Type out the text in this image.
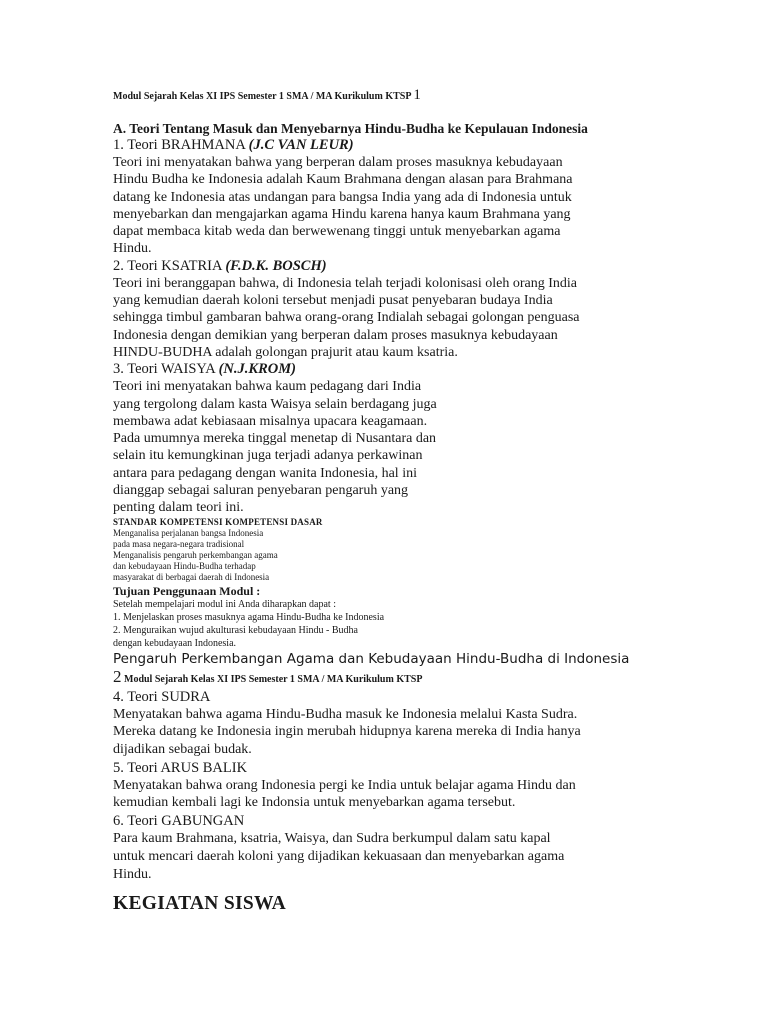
Modul Sejarah Kelas XI IPS Semester 1 SMA / MA Kurikulum KTSP 1

A. Teori Tentang Masuk dan Menyebarnya Hindu-Budha ke Kepulauan Indonesia

1. Teori BRAHMANA (J.C VAN LEUR)

Teori ini menyatakan bahwa yang berperan dalam proses masuknya kebudayaan
Hindu Budha ke Indonesia adalah Kaum Brahmana dengan alasan para Brahmana
datang ke Indonesia atas undangan para bangsa India yang ada di Indonesia untuk
menyebarkan dan mengajarkan agama Hindu karena hanya kaum Brahmana yang
dapat membaca kitab weda dan berwewenang tinggi untuk menyebarkan agama
Hindu.

2. Teori KSATRIA (F.D.K. BOSCH)

Teori ini beranggapan bahwa, di Indonesia telah terjadi kolonisasi oleh orang India
yang kemudian daerah koloni tersebut menjadi pusat penyebaran budaya India
sehingga timbul gambaran bahwa orang-orang Indialah sebagai golongan penguasa
Indonesia dengan demikian yang berperan dalam proses masuknya kebudayaan
HINDU-BUDHA adalah golongan prajurit atau kaum ksatria.

3. Teori WAISYA (N.J.KROM)

Teori ini menyatakan bahwa kaum pedagang dari India
yang tergolong dalam kasta Waisya selain berdagang juga
membawa adat kebiasaan misalnya upacara keagamaan.
Pada umumnya mereka tinggal menetap di Nusantara dan
selain itu kemungkinan juga terjadi adanya perkawinan
antara para pedagang dengan wanita Indonesia, hal ini
dianggap sebagai saluran penyebaran pengaruh yang
penting dalam teori ini.

STANDAR KOMPETENSI KOMPETENSI DASAR

Menganalisa perjalanan bangsa Indonesia
pada masa negara-negara tradisional
Menganalisis pengaruh perkembangan agama
dan kebudayaan Hindu-Budha terhadap
masyarakat di berbagai daerah di Indonesia

Tujuan Penggunaan Modul :

Setelah mempelajari modul ini Anda diharapkan dapat :
1. Menjelaskan proses masuknya agama Hindu-Budha ke Indonesia
2. Menguraikan wujud akulturasi kebudayaan Hindu - Budha
dengan kebudayaan Indonesia.

Pengaruh Perkembangan Agama dan Kebudayaan Hindu-Budha di Indonesia

2 Modul Sejarah Kelas XI IPS Semester 1 SMA / MA Kurikulum KTSP

4. Teori SUDRA

Menyatakan bahwa agama Hindu-Budha masuk ke Indonesia melalui Kasta Sudra.
Mereka datang ke Indonesia ingin merubah hidupnya karena mereka di India hanya
dijadikan sebagai budak.

5. Teori ARUS BALIK

Menyatakan bahwa orang Indonesia pergi ke India untuk belajar agama Hindu dan
kemudian kembali lagi ke Indonsia untuk menyebarkan agama tersebut.

6. Teori GABUNGAN

Para kaum Brahmana, ksatria, Waisya, dan Sudra berkumpul dalam satu kapal
untuk mencari daerah koloni yang dijadikan kekuasaan dan menyebarkan agama
Hindu.

KEGIATAN SISWA
